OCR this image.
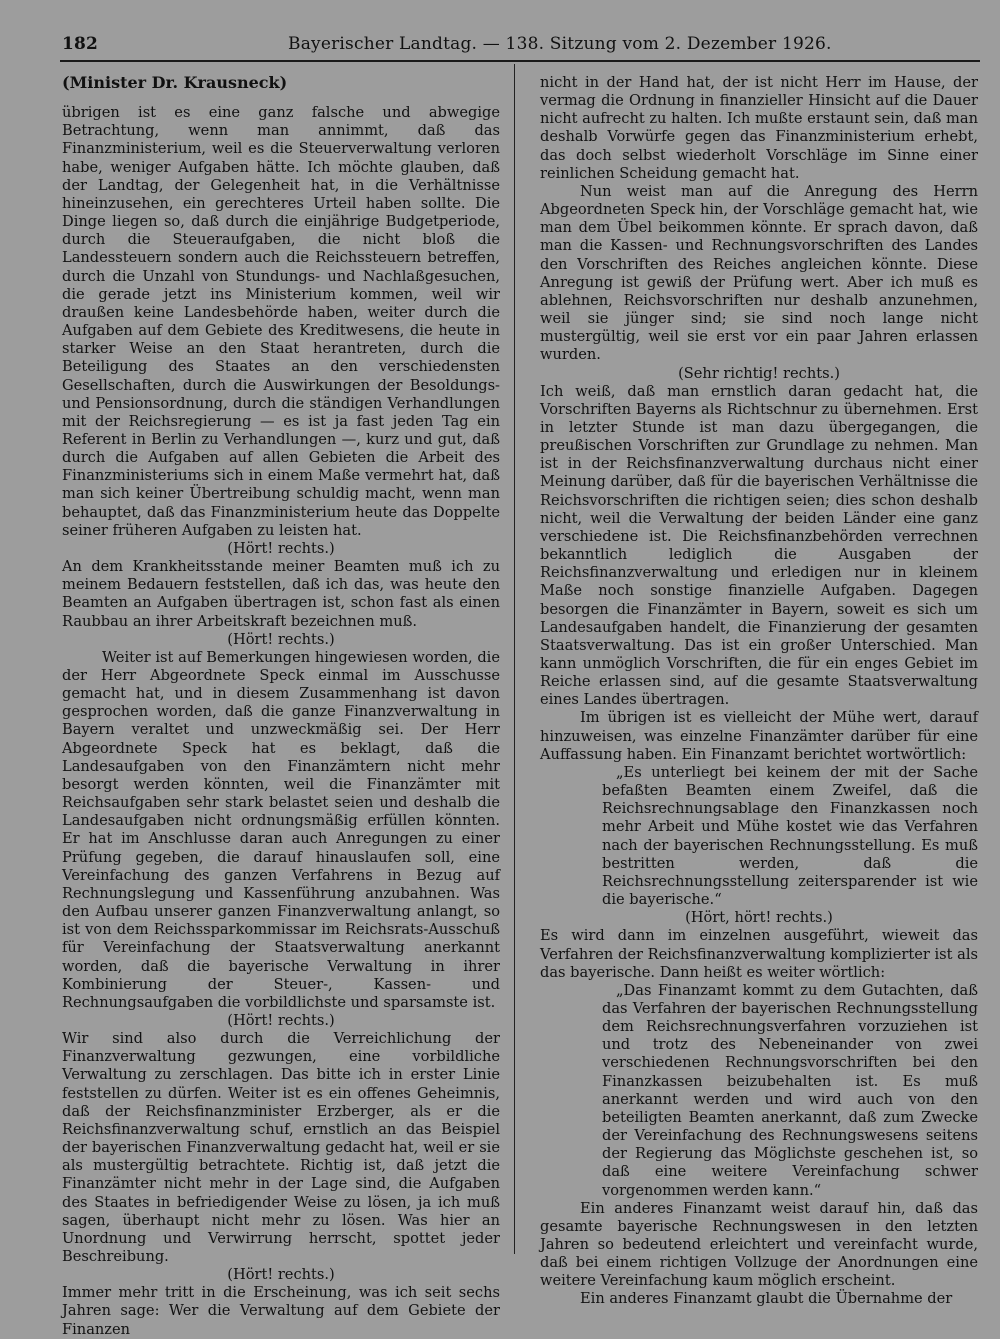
182	Bayerischer Landtag. — 138. Sitzung vom 2. Dezember 1926.
(Minister Dr. Krausneck)

übrigen ist es eine ganz falsche und abwegige Betrachtung, wenn man annimmt, daß das Finanzministerium, weil es die Steuerverwaltung verloren habe, weniger Aufgaben hätte. Ich möchte glauben, daß der Landtag, der Gelegenheit hat, in die Verhältnisse hineinzusehen, ein gerechteres Urteil haben sollte. Die Dinge liegen so, daß durch die einjährige Budgetperiode, durch die Steueraufgaben, die nicht bloß die Landessteuern sondern auch die Reichssteuern betreffen, durch die Unzahl von Stundungs- und Nachlaßgesuchen, die gerade jetzt ins Ministerium kommen, weil wir draußen keine Landesbehörde haben, weiter durch die Aufgaben auf dem Gebiete des Kreditwesens, die heute in starker Weise an den Staat herantreten, durch die Beteiligung des Staates an den verschiedensten Gesellschaften, durch die Auswirkungen der Besoldungs- und Pensionsordnung, durch die ständigen Verhandlungen mit der Reichsregierung — es ist ja fast jeden Tag ein Referent in Berlin zu Verhandlungen —, kurz und gut, daß durch die Aufgaben auf allen Gebieten die Arbeit des Finanzministeriums sich in einem Maße vermehrt hat, daß man sich keiner Übertreibung schuldig macht, wenn man behauptet, daß das Finanzministerium heute das Doppelte seiner früheren Aufgaben zu leisten hat.

(Hört! rechts.)

An dem Krankheitsstande meiner Beamten muß ich zu meinem Bedauern feststellen, daß ich das, was heute den Beamten an Aufgaben übertragen ist, schon fast als einen Raubbau an ihrer Arbeitskraft bezeichnen muß.

(Hört! rechts.)

Weiter ist auf Bemerkungen hingewiesen worden, die der Herr Abgeordnete Speck einmal im Ausschusse gemacht hat, und in diesem Zusammenhang ist davon gesprochen worden, daß die ganze Finanzverwaltung in Bayern veraltet und unzweckmäßig sei. Der Herr Abgeordnete Speck hat es beklagt, daß die Landesaufgaben von den Finanzämtern nicht mehr besorgt werden könnten, weil die Finanzämter mit Reichsaufgaben sehr stark belastet seien und deshalb die Landesaufgaben nicht ordnungsmäßig erfüllen könnten. Er hat im Anschlusse daran auch Anregungen zu einer Prüfung gegeben, die darauf hinauslaufen soll, eine Vereinfachung des ganzen Verfahrens in Bezug auf Rechnungslegung und Kassenführung anzubahnen. Was den Aufbau unserer ganzen Finanzverwaltung anlangt, so ist von dem Reichssparkommissar im Reichsrats-Ausschuß für Vereinfachung der Staatsverwaltung anerkannt worden, daß die bayerische Verwaltung in ihrer Kombinierung der Steuer-, Kassen- und Rechnungsaufgaben die vorbildlichste und sparsamste ist.

(Hört! rechts.)

Wir sind also durch die Verreichlichung der Finanzverwaltung gezwungen, eine vorbildliche Verwaltung zu zerschlagen. Das bitte ich in erster Linie feststellen zu dürfen. Weiter ist es ein offenes Geheimnis, daß der Reichsfinanzminister Erzberger, als er die Reichsfinanzverwaltung schuf, ernstlich an das Beispiel der bayerischen Finanzverwaltung gedacht hat, weil er sie als mustergültig betrachtete. Richtig ist, daß jetzt die Finanzämter nicht mehr in der Lage sind, die Aufgaben des Staates in befriedigender Weise zu lösen, ja ich muß sagen, überhaupt nicht mehr zu lösen. Was hier an Unordnung und Verwirrung herrscht, spottet jeder Beschreibung.

(Hört! rechts.)

Immer mehr tritt in die Erscheinung, was ich seit sechs Jahren sage: Wer die Verwaltung auf dem Gebiete der Finanzen

nicht in der Hand hat, der ist nicht Herr im Hause, der vermag die Ordnung in finanzieller Hinsicht auf die Dauer nicht aufrecht zu halten. Ich mußte erstaunt sein, daß man deshalb Vorwürfe gegen das Finanzministerium erhebt, das doch selbst wiederholt Vorschläge im Sinne einer reinlichen Scheidung gemacht hat.

Nun weist man auf die Anregung des Herrn Abgeordneten Speck hin, der Vorschläge gemacht hat, wie man dem Übel beikommen könnte. Er sprach davon, daß man die Kassen- und Rechnungsvorschriften des Landes den Vorschriften des Reiches angleichen könnte. Diese Anregung ist gewiß der Prüfung wert. Aber ich muß es ablehnen, Reichsvorschriften nur deshalb anzunehmen, weil sie jünger sind; sie sind noch lange nicht mustergültig, weil sie erst vor ein paar Jahren erlassen wurden.

(Sehr richtig! rechts.)

Ich weiß, daß man ernstlich daran gedacht hat, die Vorschriften Bayerns als Richtschnur zu übernehmen. Erst in letzter Stunde ist man dazu übergegangen, die preußischen Vorschriften zur Grundlage zu nehmen. Man ist in der Reichsfinanzverwaltung durchaus nicht einer Meinung darüber, daß für die bayerischen Verhältnisse die Reichsvorschriften die richtigen seien; dies schon deshalb nicht, weil die Verwaltung der beiden Länder eine ganz verschiedene ist. Die Reichsfinanzbehörden verrechnen bekanntlich lediglich die Ausgaben der Reichsfinanzverwaltung und erledigen nur in kleinem Maße noch sonstige finanzielle Aufgaben. Dagegen besorgen die Finanzämter in Bayern, soweit es sich um Landesaufgaben handelt, die Finanzierung der gesamten Staatsverwaltung. Das ist ein großer Unterschied. Man kann unmöglich Vorschriften, die für ein enges Gebiet im Reiche erlassen sind, auf die gesamte Staatsverwaltung eines Landes übertragen.

Im übrigen ist es vielleicht der Mühe wert, darauf hinzuweisen, was einzelne Finanzämter darüber für eine Auffassung haben. Ein Finanzamt berichtet wortwörtlich:

„Es unterliegt bei keinem der mit der Sache befaßten Beamten einem Zweifel, daß die Reichsrechnungsablage den Finanzkassen noch mehr Arbeit und Mühe kostet wie das Verfahren nach der bayerischen Rechnungsstellung. Es muß bestritten werden, daß die Reichsrechnungsstellung zeitersparender ist wie die bayerische.“

(Hört, hört! rechts.)

Es wird dann im einzelnen ausgeführt, wieweit das Verfahren der Reichsfinanzverwaltung komplizierter ist als das bayerische. Dann heißt es weiter wörtlich:

„Das Finanzamt kommt zu dem Gutachten, daß das Verfahren der bayerischen Rechnungsstellung dem Reichsrechnungsverfahren vorzuziehen ist und trotz des Nebeneinander von zwei verschiedenen Rechnungsvorschriften bei den Finanzkassen beizubehalten ist. Es muß anerkannt werden und wird auch von den beteiligten Beamten anerkannt, daß zum Zwecke der Vereinfachung des Rechnungswesens seitens der Regierung das Möglichste geschehen ist, so daß eine weitere Vereinfachung schwer vorgenommen werden kann.“

Ein anderes Finanzamt weist darauf hin, daß das gesamte bayerische Rechnungswesen in den letzten Jahren so bedeutend erleichtert und vereinfacht wurde, daß bei einem richtigen Vollzuge der Anordnungen eine weitere Vereinfachung kaum möglich erscheint.

Ein anderes Finanzamt glaubt die Übernahme der
